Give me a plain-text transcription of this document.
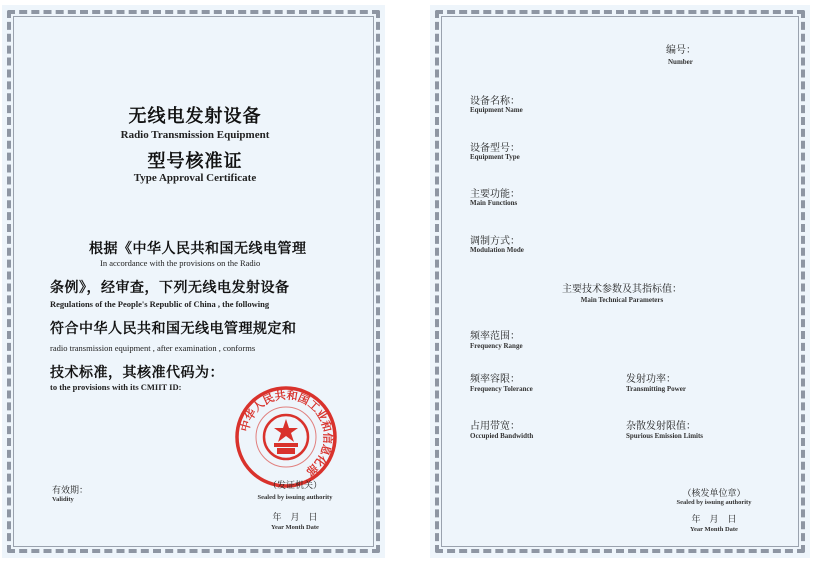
无线电发射设备
Radio Transmission Equipment
型号核准证
Type Approval Certificate
根据《中华人民共和国无线电管理
In accordance with the provisions on the Radio
条例》，经审查，下列无线电发射设备
Regulations of the People's Republic of China , the following
符合中华人民共和国无线电管理规定和
radio transmission equipment , after examination , conforms
技术标准，其核准代码为：
to the provisions with its CMIIT ID:
中华人民共和国工业和信息化部
有效期：
Validity
（发证机关）
Sealed by issuing authority
年　月　日
Year Month Date
编号：
Number
设备名称：
Equipment Name
设备型号：
Equipment Type
主要功能：
Main Functions
调制方式：
Modulation Mode
主要技术参数及其指标值：
Main Technical Parameters
频率范围：
Frequency Range
频率容限：
Frequency Tolerance
发射功率：
Transmitting Power
占用带宽：
Occupied Bandwidth
杂散发射限值：
Spurious Emission Limits
（核发单位章）
Sealed by issuing authority
年　月　日
Year Month Date
